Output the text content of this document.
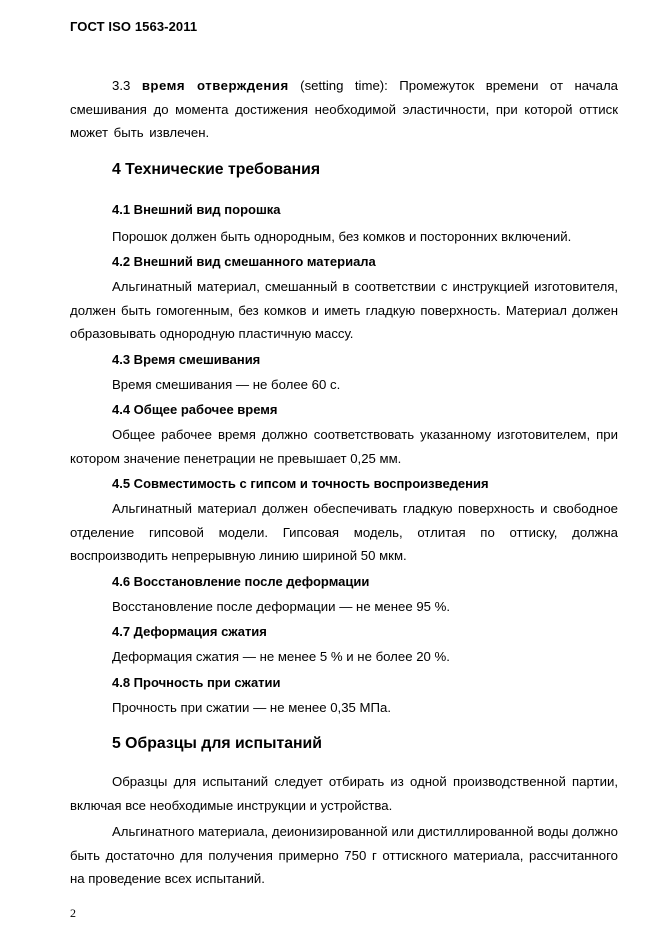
ГОСТ ISO 1563-2011

3.3 время отверждения (setting time): Промежуток времени от начала смешивания до момента достижения необходимой эластичности, при которой оттиск может быть извлечен.

4 Технические требования
4.1 Внешний вид порошка

Порошок должен быть однородным, без комков и посторонних включений.

4.2 Внешний вид смешанного материала

Альгинатный материал, смешанный в соответствии с инструкцией изготовителя, должен быть гомогенным, без комков и иметь гладкую поверхность. Материал должен образовывать однородную пластичную массу.

4.3 Время смешивания

Время смешивания — не более 60 с.

4.4 Общее рабочее время

Общее рабочее время должно соответствовать указанному изготовителем, при котором значение пенетрации не превышает 0,25 мм.

4.5 Совместимость с гипсом и точность воспроизведения

Альгинатный материал должен обеспечивать гладкую поверхность и свободное отделение гипсовой модели. Гипсовая модель, отлитая по оттиску, должна воспроизводить непрерывную линию шириной 50 мкм.

4.6 Восстановление после деформации

Восстановление после деформации — не менее 95 %.

4.7 Деформация сжатия

Деформация сжатия — не менее 5 % и не более 20 %.

4.8 Прочность при сжатии

Прочность при сжатии — не менее 0,35 МПа.

5 Образцы для испытаний

Образцы для испытаний следует отбирать из одной производственной партии, включая все необходимые инструкции и устройства.

Альгинатного материала, деионизированной или дистиллированной воды должно быть достаточно для получения примерно 750 г оттискного материала, рассчитанного на проведение всех испытаний.

2
